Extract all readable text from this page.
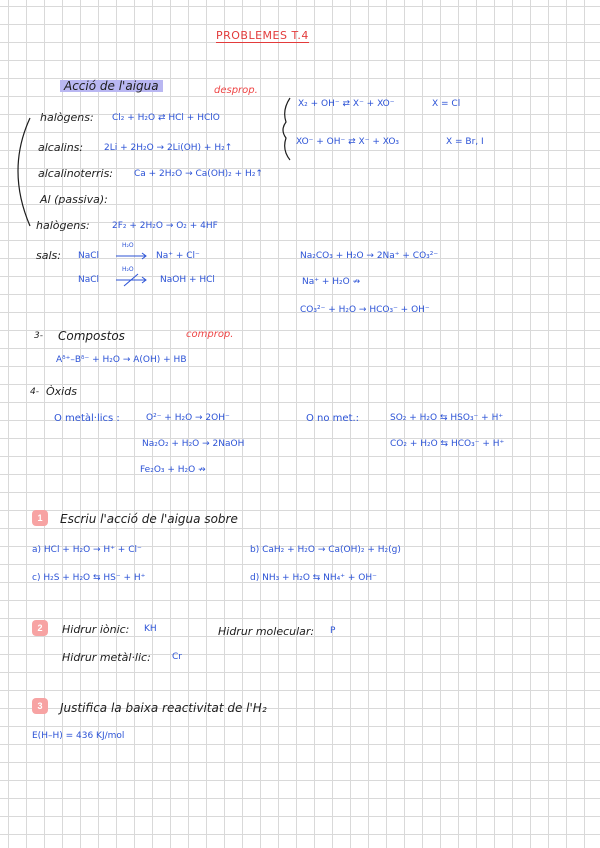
PROBLEMES T.4
Acció de l'aigua	desprop.
halògens: Cl₂ + H₂O ⇄ HCl + HClO
alcalins: 2Li + 2H₂O → 2Li(OH) + H₂↑
alcalinoterris: Ca + 2H₂O → Ca(OH)₂ + H₂↑
Al (passiva):
halògens: 2F₂ + 2H₂O → O₂ + 4HF
X₂ + OH⁻ ⇄ X⁻ + XO⁻	X = Cl
XO⁻ + OH⁻ ⇄ X⁻ + XO₃	X = Br, I
sals: NaCl
H₂O
Na⁺ + Cl⁻
NaCl
H₂O
NaOH + HCl
Na₂CO₃ + H₂O → 2Na⁺ + CO₃²⁻
Na⁺ + H₂O ↛
CO₃²⁻ + H₂O → HCO₃⁻ + OH⁻
3- Compostos	comprop.
Aᵟ⁺–Bᵟ⁻ + H₂O → A(OH) + HB
4- Òxids
O metàl·lics :	O²⁻ + H₂O → 2OH⁻
Na₂O₂ + H₂O → 2NaOH
Fe₂O₃ + H₂O ↛
O no met.:	SO₂ + H₂O ⇆ HSO₃⁻ + H⁺
CO₂ + H₂O ⇆ HCO₃⁻ + H⁺
1	Escriu l'acció de l'aigua sobre
a) HCl + H₂O → H⁺ + Cl⁻	b) CaH₂ + H₂O → Ca(OH)₂ + H₂(g)
c) H₂S + H₂O ⇆ HS⁻ + H⁺	d) NH₃ + H₂O ⇆ NH₄⁺ + OH⁻
2	Hidrur iònic: KH	Hidrur molecular: P
Hidrur metàl·lic: Cr
3	Justifica la baixa reactivitat de l'H₂
E(H–H) = 436 KJ/mol
